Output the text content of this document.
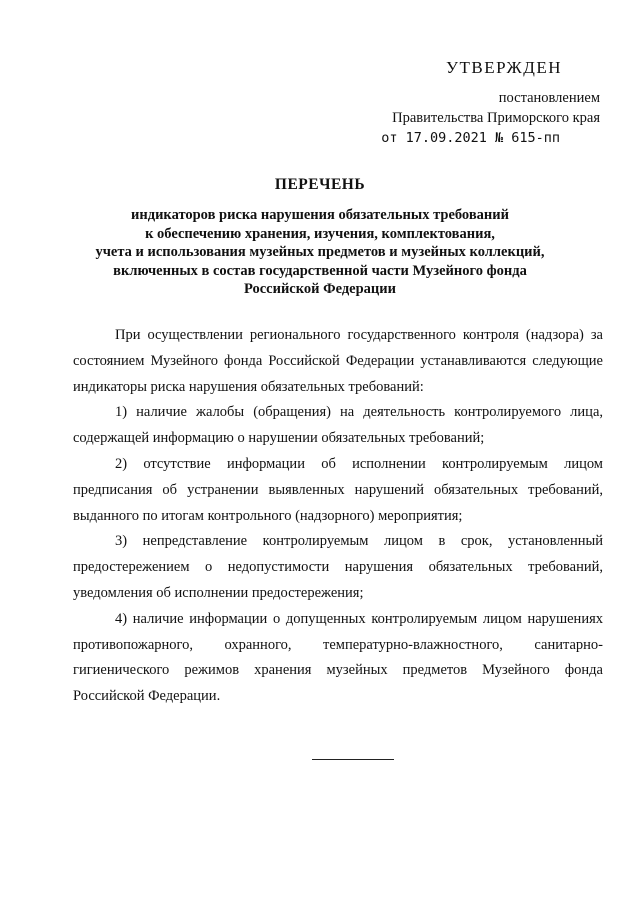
УТВЕРЖДЕН
постановлением
Правительства Приморского края
от 17.09.2021 № 615-пп
ПЕРЕЧЕНЬ
индикаторов риска нарушения обязательных требований
к обеспечению хранения, изучения, комплектования,
учета и использования музейных предметов и музейных коллекций,
включенных в состав государственной части Музейного фонда
Российской Федерации

При осуществлении регионального государственного контроля (надзора) за состоянием Музейного фонда Российской Федерации устанавливаются следующие индикаторы риска нарушения обязательных требований:

1) наличие жалобы (обращения) на деятельность контролируемого лица, содержащей информацию о нарушении обязательных требований;

2) отсутствие информации об исполнении контролируемым лицом предписания об устранении выявленных нарушений обязательных требований, выданного по итогам контрольного (надзорного) мероприятия;

3) непредставление контролируемым лицом в срок, установленный предостережением о недопустимости нарушения обязательных требований, уведомления об исполнении предостережения;

4) наличие информации о допущенных контролируемым лицом нарушениях противопожарного, охранного, температурно-влажностного, санитарно-гигиенического режимов хранения музейных предметов Музейного фонда Российской Федерации.
